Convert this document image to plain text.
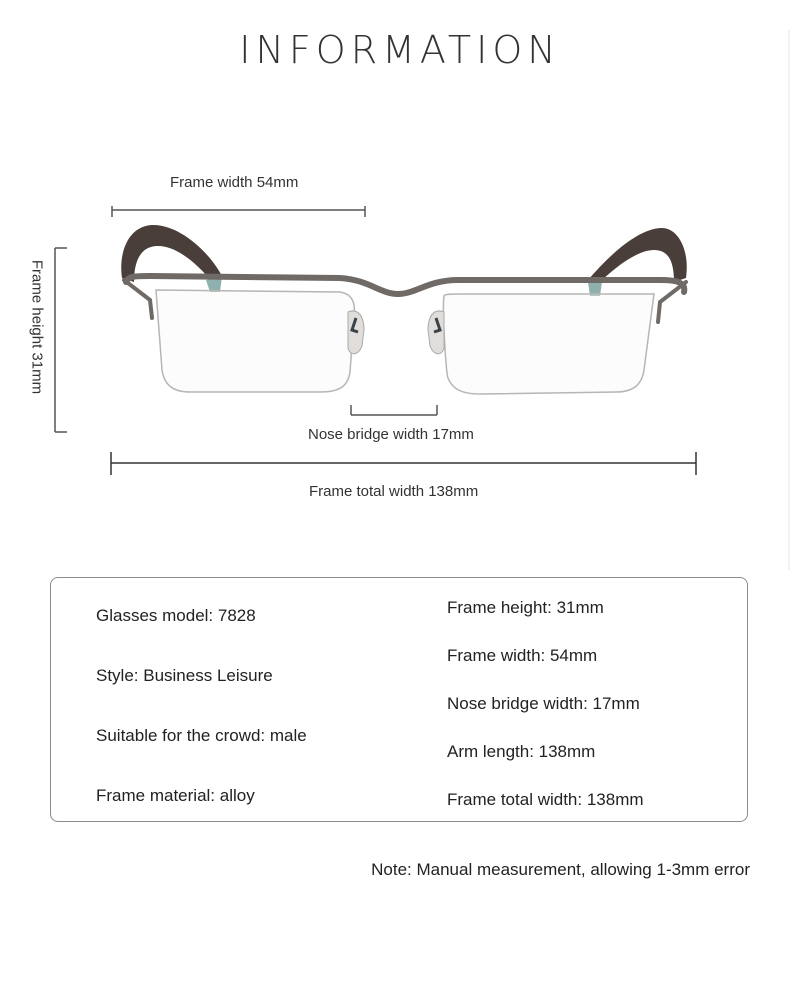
INFORMATION
Frame width 54mm
Frame height 31mm
Nose bridge width 17mm
Frame total width 138mm
Glasses model: 7828
Style: Business Leisure
Suitable for the crowd: male
Frame material: alloy
Frame height: 31mm
Frame width: 54mm
Nose bridge width: 17mm
Arm length: 138mm
Frame total width: 138mm
Note: Manual measurement, allowing 1-3mm error
